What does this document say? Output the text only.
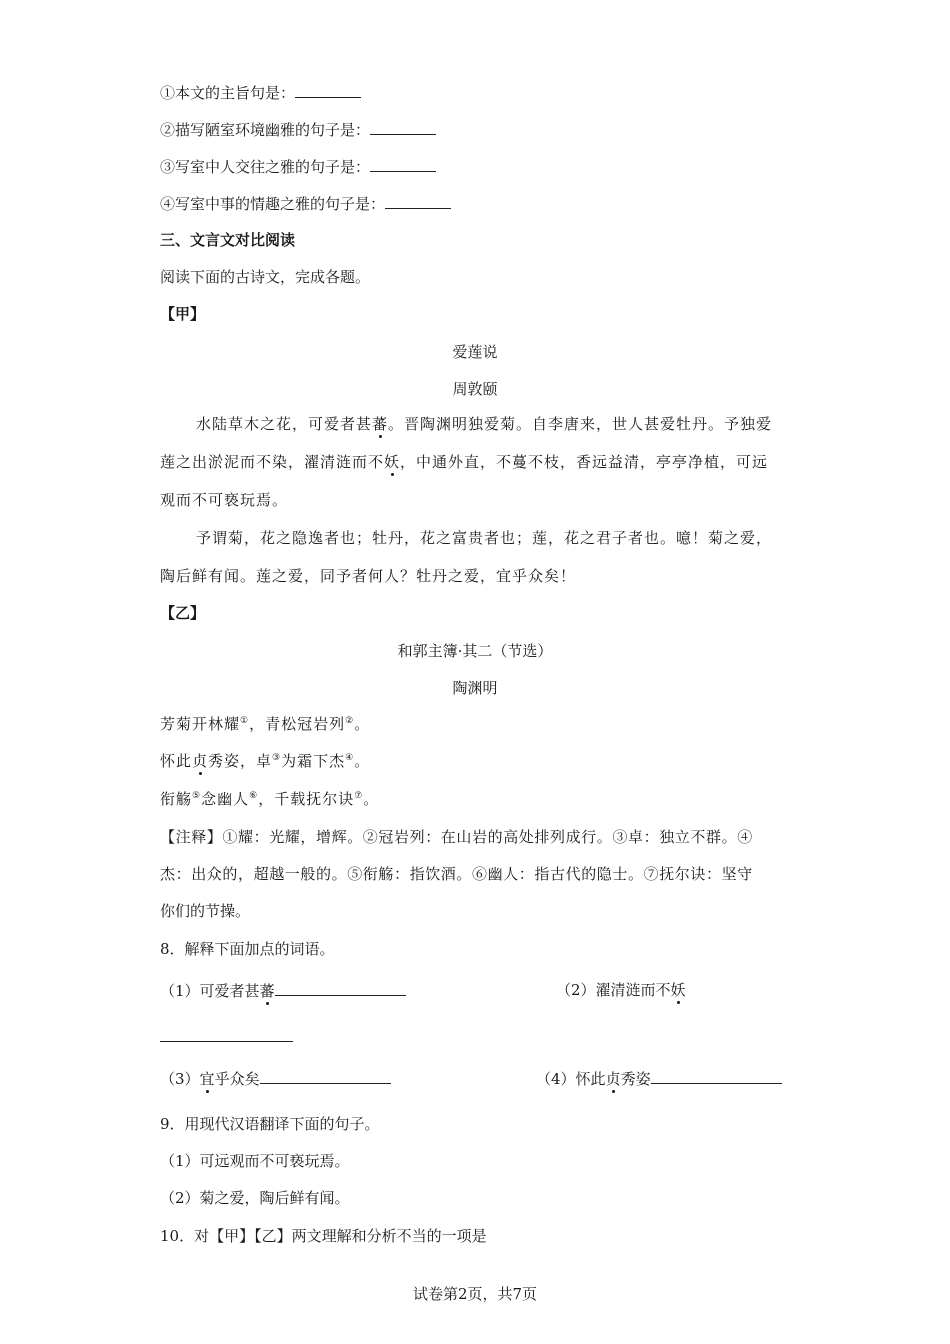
①本文的主旨句是：
②描写陋室环境幽雅的句子是：
③写室中人交往之雅的句子是：
④写室中事的情趣之雅的句子是：
三、文言文对比阅读
阅读下面的古诗文，完成各题。
【甲】
爱莲说
周敦颐
水陆草木之花，可爱者甚蕃。晋陶渊明独爱菊。自李唐来，世人甚爱牡丹。予独爱
莲之出淤泥而不染，濯清涟而不妖，中通外直，不蔓不枝，香远益清，亭亭净植，可远
观而不可亵玩焉。
予谓菊，花之隐逸者也；牡丹，花之富贵者也；莲，花之君子者也。噫！菊之爱，
陶后鲜有闻。莲之爱，同予者何人？牡丹之爱，宜乎众矣！
【乙】
和郭主簿·其二（节选）
陶渊明
芳菊开林耀①，青松冠岩列②。
怀此贞秀姿，卓③为霜下杰④。
衔觞⑤念幽人⑥，千载抚尔诀⑦。
【注释】①耀：光耀，增辉。②冠岩列：在山岩的高处排列成行。③卓：独立不群。④
杰：出众的，超越一般的。⑤衔觞：指饮酒。⑥幽人：指古代的隐士。⑦抚尔诀：坚守
你们的节操。
8．解释下面加点的词语。
（1）可爱者甚蕃	（2）濯清涟而不妖
（3）宜乎众矣	（4）怀此贞秀姿
9．用现代汉语翻译下面的句子。
（1）可远观而不可亵玩焉。
（2）菊之爱，陶后鲜有闻。
10．对【甲】【乙】两文理解和分析不当的一项是
试卷第2页，共7页
